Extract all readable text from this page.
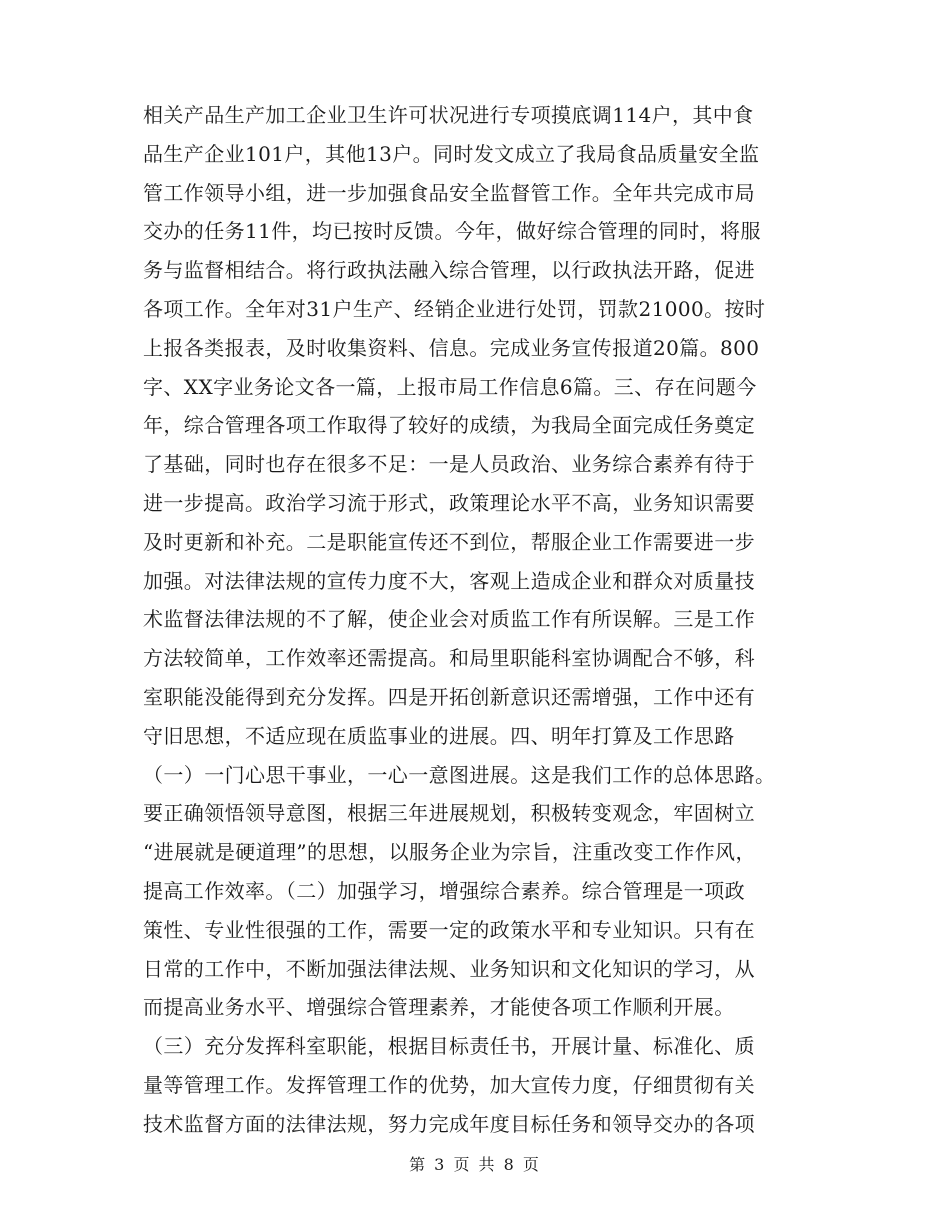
相关产品生产加工企业卫生许可状况进行专项摸底调114户，其中食
品生产企业101户，其他13户。同时发文成立了我局食品质量安全监
管工作领导小组，进一步加强食品安全监督管工作。全年共完成市局
交办的任务11件，均已按时反馈。今年，做好综合管理的同时，将服
务与监督相结合。将行政执法融入综合管理，以行政执法开路，促进
各项工作。全年对31户生产、经销企业进行处罚，罚款21000。按时
上报各类报表，及时收集资料、信息。完成业务宣传报道20篇。800
字、XX字业务论文各一篇，上报市局工作信息6篇。三、存在问题今
年，综合管理各项工作取得了较好的成绩，为我局全面完成任务奠定
了基础，同时也存在很多不足：一是人员政治、业务综合素养有待于
进一步提高。政治学习流于形式，政策理论水平不高，业务知识需要
及时更新和补充。二是职能宣传还不到位，帮服企业工作需要进一步
加强。对法律法规的宣传力度不大，客观上造成企业和群众对质量技
术监督法律法规的不了解，使企业会对质监工作有所误解。三是工作
方法较简单，工作效率还需提高。和局里职能科室协调配合不够，科
室职能没能得到充分发挥。四是开拓创新意识还需增强，工作中还有
守旧思想，不适应现在质监事业的进展。四、明年打算及工作思路
（一）一门心思干事业，一心一意图进展。这是我们工作的总体思路。
要正确领悟领导意图，根据三年进展规划，积极转变观念，牢固树立
“进展就是硬道理”的思想，以服务企业为宗旨，注重改变工作作风，
提高工作效率。（二）加强学习，增强综合素养。综合管理是一项政
策性、专业性很强的工作，需要一定的政策水平和专业知识。只有在
日常的工作中，不断加强法律法规、业务知识和文化知识的学习，从
而提高业务水平、增强综合管理素养，才能使各项工作顺利开展。
（三）充分发挥科室职能，根据目标责任书，开展计量、标准化、质
量等管理工作。发挥管理工作的优势，加大宣传力度，仔细贯彻有关
技术监督方面的法律法规，努力完成年度目标任务和领导交办的各项
第 3 页 共 8 页
